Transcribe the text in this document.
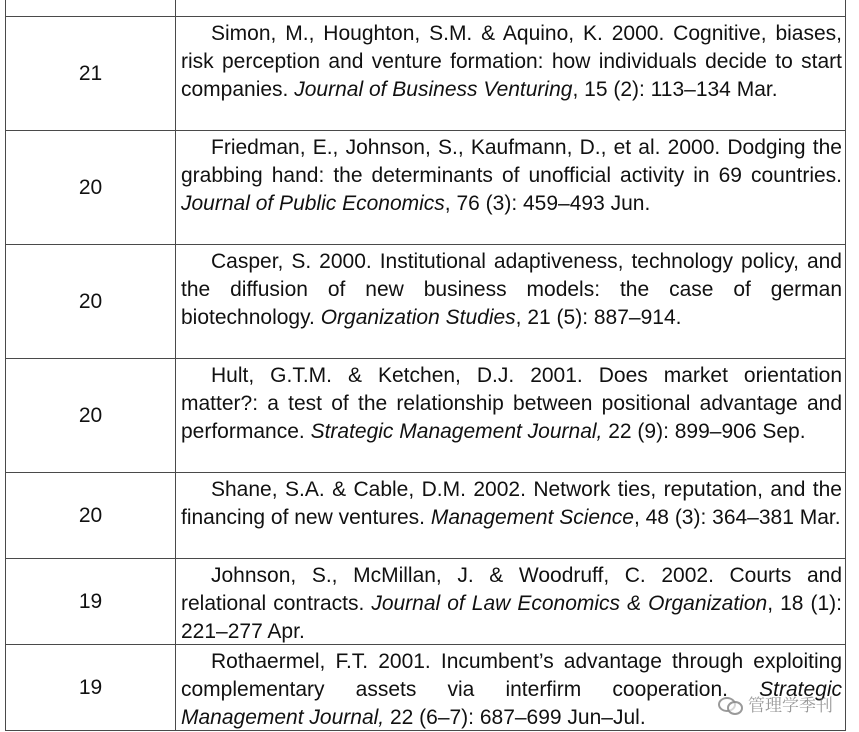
21
Simon, M., Houghton, S.M. & Aquino, K. 2000. Cognitive, biases, risk perception and venture formation: how individuals decide to start companies. Journal of Business Venturing, 15 (2): 113–134 Mar.
20
Friedman, E., Johnson, S., Kaufmann, D., et al. 2000. Dodging the grabbing hand: the determinants of unofficial activity in 69 countries. Journal of Public Economics, 76 (3): 459–493 Jun.
20
Casper, S. 2000. Institutional adaptiveness, technology policy, and the diffusion of new business models: the case of german biotechnology. Organization Studies, 21 (5): 887–914.
20
Hult, G.T.M. & Ketchen, D.J. 2001. Does market orientation matter?: a test of the relationship between positional advantage and performance. Strategic Management Journal, 22 (9): 899–906 Sep.
20
Shane, S.A. & Cable, D.M. 2002. Network ties, reputation, and the financing of new ventures. Management Science, 48 (3): 364–381 Mar.
19
Johnson, S., McMillan, J. & Woodruff, C. 2002. Courts and relational contracts. Journal of Law Economics & Organization, 18 (1): 221–277 Apr.
19
Rothaermel, F.T. 2001. Incumbent’s advantage through exploiting complementary assets via interfirm cooperation. Strategic Management Journal, 22 (6–7): 687–699 Jun–Jul.	管理学季刊
